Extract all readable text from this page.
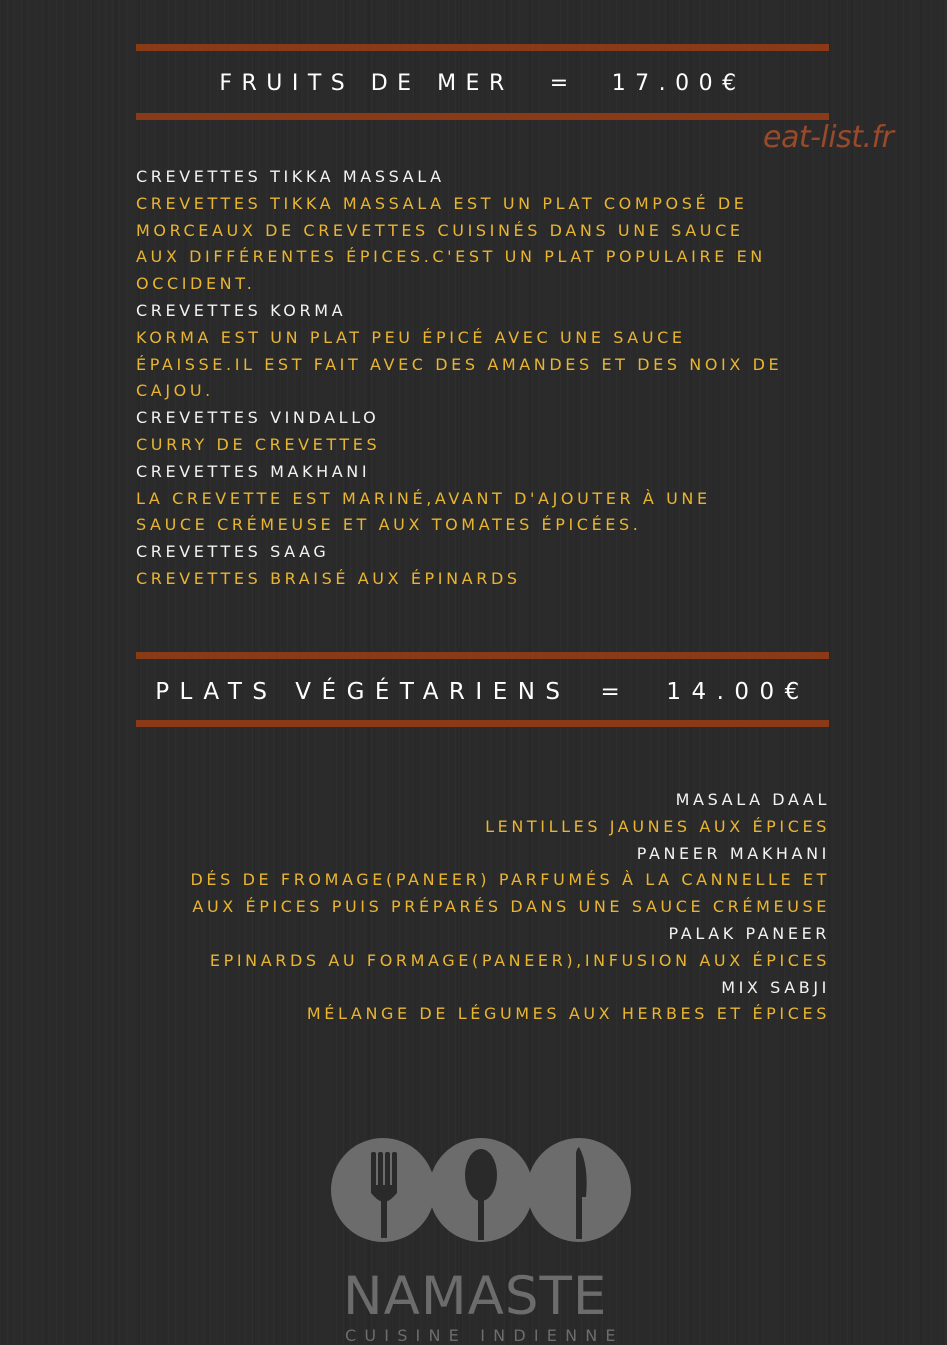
FRUITS DE MER = 17.00€
eat-list.fr
CREVETTES TIKKA MASSALA
CREVETTES TIKKA MASSALA EST UN PLAT COMPOSÉ DE
MORCEAUX DE CREVETTES CUISINÉS DANS UNE SAUCE
AUX DIFFÉRENTES ÉPICES.C'EST UN PLAT POPULAIRE EN
OCCIDENT.
CREVETTES KORMA
KORMA EST UN PLAT PEU ÉPICÉ AVEC UNE SAUCE
ÉPAISSE.IL EST FAIT AVEC DES AMANDES ET DES NOIX DE
CAJOU.
CREVETTES VINDALLO
CURRY DE CREVETTES
CREVETTES MAKHANI
LA CREVETTE EST MARINÉ,AVANT D'AJOUTER À UNE
SAUCE CRÉMEUSE ET AUX TOMATES ÉPICÉES.
CREVETTES SAAG
CREVETTES BRAISÉ AUX ÉPINARDS
PLATS VÉGÉTARIENS = 14.00€
MASALA DAAL
LENTILLES JAUNES AUX ÉPICES
PANEER MAKHANI
DÉS DE FROMAGE(PANEER) PARFUMÉS À LA CANNELLE ET
AUX ÉPICES PUIS PRÉPARÉS DANS UNE SAUCE CRÉMEUSE
PALAK PANEER
EPINARDS AU FORMAGE(PANEER),INFUSION AUX ÉPICES
MIX SABJI
MÉLANGE DE LÉGUMES AUX HERBES ET ÉPICES
NAMASTE
CUISINE INDIENNE
